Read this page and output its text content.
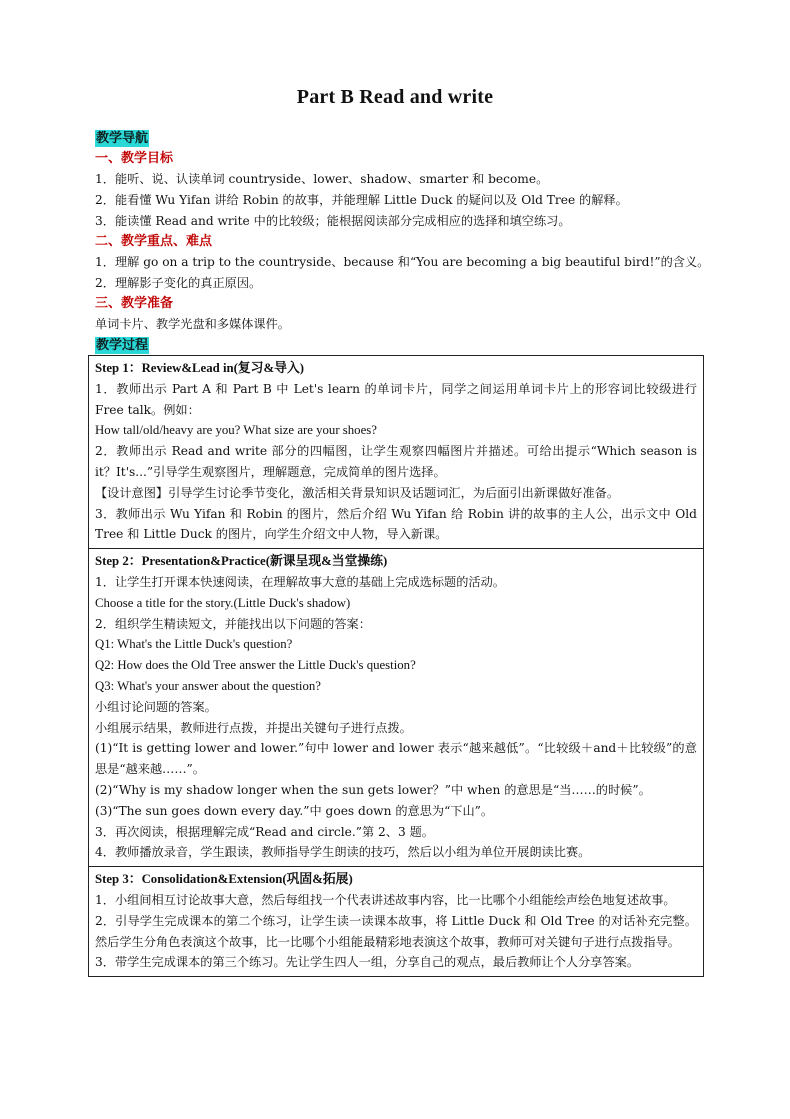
Part B Read and write

教学导航

一、教学目标

1．能听、说、认读单词 countryside、lower、shadow、smarter 和 become。

2．能看懂 Wu Yifan 讲给 Robin 的故事，并能理解 Little Duck 的疑问以及 Old Tree 的解释。

3．能读懂 Read and write 中的比较级；能根据阅读部分完成相应的选择和填空练习。

二、教学重点、难点

1．理解 go on a trip to the countryside、because 和“You are becoming a big beautiful bird!”的含义。

2．理解影子变化的真正原因。

三、教学准备

单词卡片、教学光盘和多媒体课件。

教学过程

Step 1：Review&Lead in(复习&导入)

1．教师出示 Part A 和 Part B 中 Let's learn 的单词卡片，同学之间运用单词卡片上的形容词比较级进行 Free talk。例如：

How tall/old/heavy are you? What size are your shoes?

2．教师出示 Read and write 部分的四幅图，让学生观察四幅图片并描述。可给出提示“Which season is it？It's...”引导学生观察图片，理解题意，完成简单的图片选择。

【设计意图】引导学生讨论季节变化，激活相关背景知识及话题词汇，为后面引出新课做好准备。

3．教师出示 Wu Yifan 和 Robin 的图片，然后介绍 Wu Yifan 给 Robin 讲的故事的主人公，出示文中 Old Tree 和 Little Duck 的图片，向学生介绍文中人物，导入新课。

Step 2：Presentation&Practice(新课呈现&当堂操练)

1．让学生打开课本快速阅读，在理解故事大意的基础上完成选标题的活动。

Choose a title for the story.(Little Duck's shadow)

2．组织学生精读短文，并能找出以下问题的答案：

Q1: What's the Little Duck's question?

Q2: How does the Old Tree answer the Little Duck's question?

Q3: What's your answer about the question?

小组讨论问题的答案。

小组展示结果，教师进行点拨，并提出关键句子进行点拨。

(1)“It is getting lower and lower.”句中 lower and lower 表示“越来越低”。“比较级＋and＋比较级”的意思是“越来越……”。

(2)“Why is my shadow longer when the sun gets lower？”中 when 的意思是“当……的时候”。

(3)“The sun goes down every day.”中 goes down 的意思为“下山”。

3．再次阅读，根据理解完成“Read and circle.”第 2、3 题。

4．教师播放录音，学生跟读，教师指导学生朗读的技巧，然后以小组为单位开展朗读比赛。

Step 3：Consolidation&Extension(巩固&拓展)

1．小组间相互讨论故事大意，然后每组找一个代表讲述故事内容，比一比哪个小组能绘声绘色地复述故事。

2．引导学生完成课本的第二个练习，让学生读一读课本故事，将 Little Duck 和 Old Tree 的对话补充完整。然后学生分角色表演这个故事，比一比哪个小组能最精彩地表演这个故事，教师可对关键句子进行点拨指导。

3．带学生完成课本的第三个练习。先让学生四人一组，分享自己的观点，最后教师让个人分享答案。
